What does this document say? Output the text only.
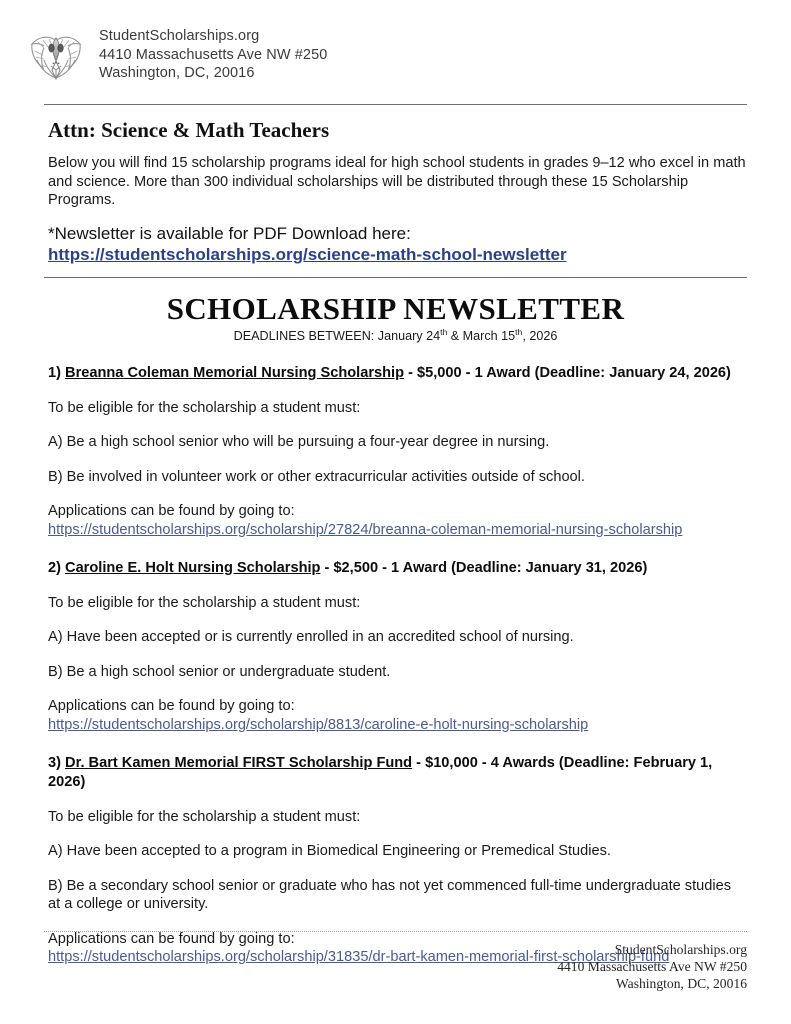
StudentScholarships.org
4410 Massachusetts Ave NW #250
Washington, DC, 20016
Attn: Science & Math Teachers

Below you will find 15 scholarship programs ideal for high school students in grades 9–12 who excel in math and science. More than 300 individual scholarships will be distributed through these 15 Scholarship Programs.

*Newsletter is available for PDF Download here:
https://studentscholarships.org/science-math-school-newsletter
SCHOLARSHIP NEWSLETTER
DEADLINES BETWEEN: January 24th & March 15th, 2026
1) Breanna Coleman Memorial Nursing Scholarship - $5,000 - 1 Award (Deadline: January 24, 2026)

To be eligible for the scholarship a student must:

A) Be a high school senior who will be pursuing a four-year degree in nursing.

B) Be involved in volunteer work or other extracurricular activities outside of school.

Applications can be found by going to:
https://studentscholarships.org/scholarship/27824/breanna-coleman-memorial-nursing-scholarship
2) Caroline E. Holt Nursing Scholarship - $2,500 - 1 Award (Deadline: January 31, 2026)

To be eligible for the scholarship a student must:

A) Have been accepted or is currently enrolled in an accredited school of nursing.

B) Be a high school senior or undergraduate student.

Applications can be found by going to:
https://studentscholarships.org/scholarship/8813/caroline-e-holt-nursing-scholarship
3) Dr. Bart Kamen Memorial FIRST Scholarship Fund - $10,000 - 4 Awards (Deadline: February 1, 2026)

To be eligible for the scholarship a student must:

A) Have been accepted to a program in Biomedical Engineering or Premedical Studies.

B) Be a secondary school senior or graduate who has not yet commenced full-time undergraduate studies at a college or university.

Applications can be found by going to:
https://studentscholarships.org/scholarship/31835/dr-bart-kamen-memorial-first-scholarship-fund
StudentScholarships.org
4410 Massachusetts Ave NW #250
Washington, DC, 20016
